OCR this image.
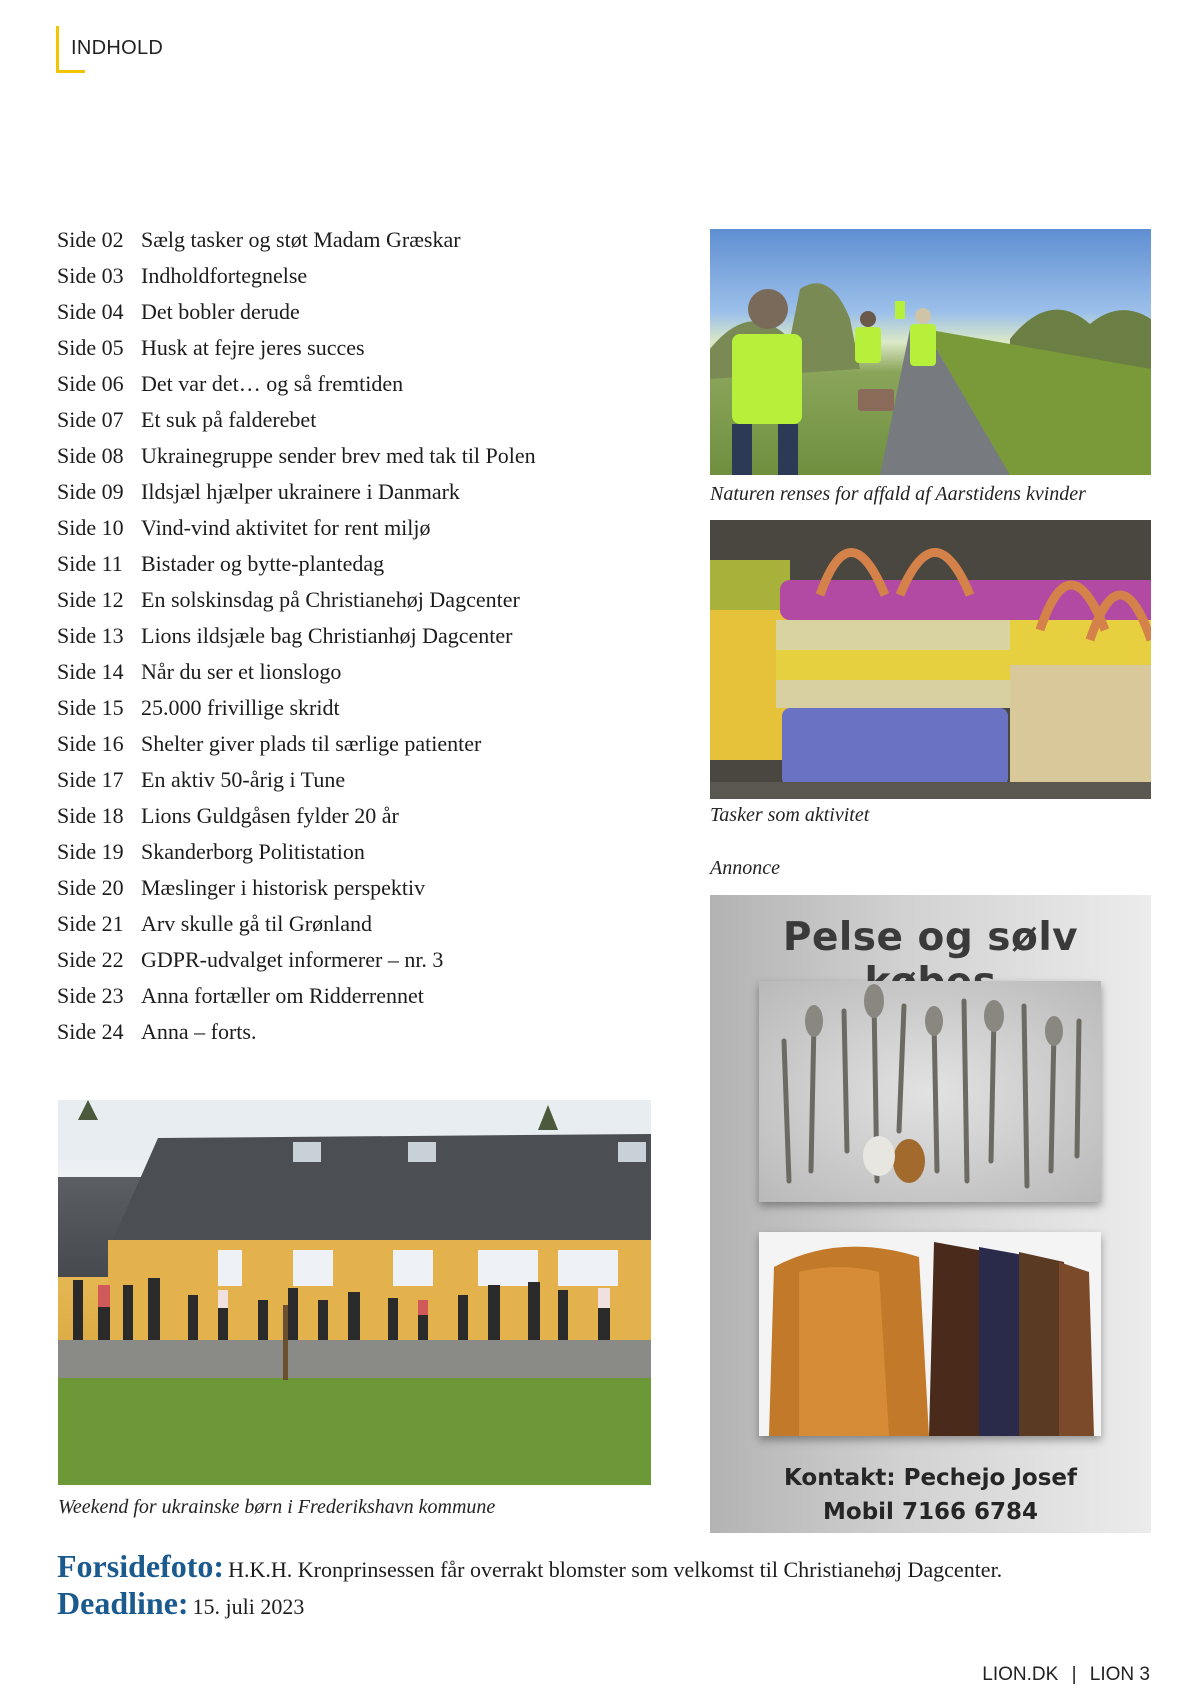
INDHOLD
Side 02 Sælg tasker og støt Madam Græskar
Side 03 Indholdfortegnelse
Side 04 Det bobler derude
Side 05 Husk at fejre jeres succes
Side 06 Det var det… og så fremtiden
Side 07 Et suk på falderebet
Side 08 Ukrainegruppe sender brev med tak til Polen
Side 09 Ildsjæl hjælper ukrainere i Danmark
Side 10 Vind-vind aktivitet for rent miljø
Side 11 Bistader og bytte-plantedag
Side 12 En solskinsdag på Christianehøj Dagcenter
Side 13 Lions ildsjæle bag Christianhøj Dagcenter
Side 14 Når du ser et lionslogo
Side 15 25.000 frivillige skridt
Side 16 Shelter giver plads til særlige patienter
Side 17 En aktiv 50-årig i Tune
Side 18 Lions Guldgåsen fylder 20 år
Side 19 Skanderborg Politistation
Side 20 Mæslinger i historisk perspektiv
Side 21 Arv skulle gå til Grønland
Side 22 GDPR-udvalget informerer – nr. 3
Side 23 Anna fortæller om Ridderrennet
Side 24 Anna – forts.
Naturen renses for affald af Aarstidens kvinder
Tasker som aktivitet
Annonce
Pelse og sølv
Kontakt: Pechejo Josef
Mobil 7166 6784
Weekend for ukrainske børn i Frederikshavn kommune
Forsidefoto: H.K.H. Kronprinsessen får overrakt blomster som velkomst til Christianehøj Dagcenter.
Deadline: 15. juli 2023
LION.DK | LION 3
